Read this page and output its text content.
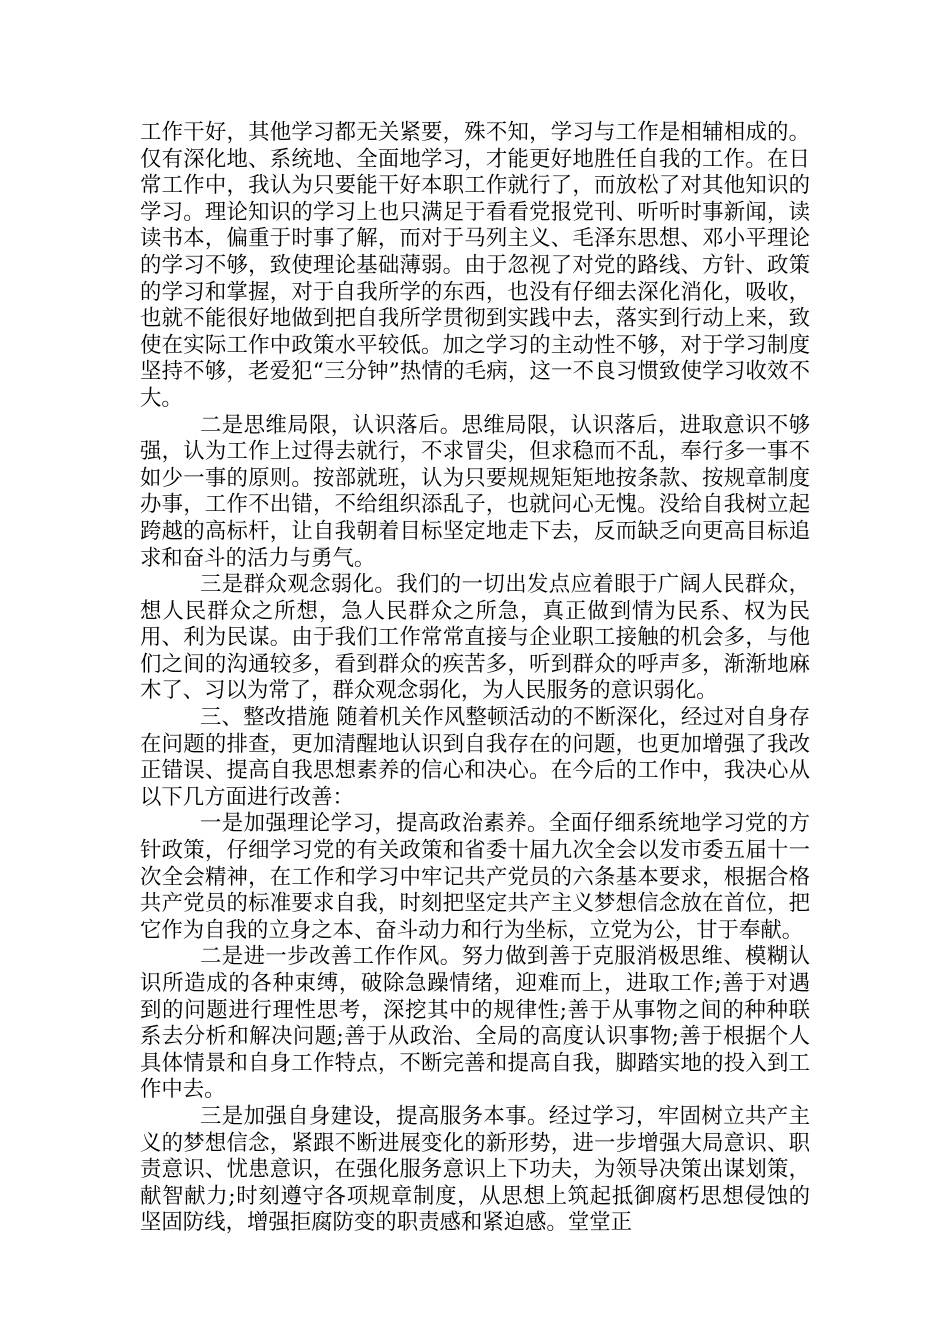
工作干好，其他学习都无关紧要，殊不知，学习与工作是相辅相成的。仅有深化地、系统地、全面地学习，才能更好地胜任自我的工作。在日常工作中，我认为只要能干好本职工作就行了，而放松了对其他知识的学习。理论知识的学习上也只满足于看看党报党刊、听听时事新闻，读读书本，偏重于时事了解，而对于马列主义、毛泽东思想、邓小平理论的学习不够，致使理论基础薄弱。由于忽视了对党的路线、方针、政策的学习和掌握，对于自我所学的东西，也没有仔细去深化消化，吸收，也就不能很好地做到把自我所学贯彻到实践中去，落实到行动上来，致使在实际工作中政策水平较低。加之学习的主动性不够，对于学习制度坚持不够，老爱犯“三分钟”热情的毛病，这一不良习惯致使学习收效不大。

二是思维局限，认识落后。思维局限，认识落后，进取意识不够强，认为工作上过得去就行，不求冒尖，但求稳而不乱，奉行多一事不如少一事的原则。按部就班，认为只要规规矩矩地按条款、按规章制度办事，工作不出错，不给组织添乱子，也就问心无愧。没给自我树立起跨越的高标杆，让自我朝着目标坚定地走下去，反而缺乏向更高目标追求和奋斗的活力与勇气。

三是群众观念弱化。我们的一切出发点应着眼于广阔人民群众，想人民群众之所想，急人民群众之所急，真正做到情为民系、权为民用、利为民谋。由于我们工作常常直接与企业职工接触的机会多，与他们之间的沟通较多，看到群众的疾苦多，听到群众的呼声多，渐渐地麻木了、习以为常了，群众观念弱化，为人民服务的意识弱化。

三、整改措施 随着机关作风整顿活动的不断深化，经过对自身存在问题的排查，更加清醒地认识到自我存在的问题，也更加增强了我改正错误、提高自我思想素养的信心和决心。在今后的工作中，我决心从以下几方面进行改善：

一是加强理论学习，提高政治素养。全面仔细系统地学习党的方针政策，仔细学习党的有关政策和省委十届九次全会以发市委五届十一次全会精神，在工作和学习中牢记共产党员的六条基本要求，根据合格共产党员的标准要求自我，时刻把坚定共产主义梦想信念放在首位，把它作为自我的立身之本、奋斗动力和行为坐标，立党为公，甘于奉献。

二是进一步改善工作作风。努力做到善于克服消极思维、模糊认识所造成的各种束缚，破除急躁情绪，迎难而上，进取工作;善于对遇到的问题进行理性思考，深挖其中的规律性;善于从事物之间的种种联系去分析和解决问题;善于从政治、全局的高度认识事物;善于根据个人具体情景和自身工作特点，不断完善和提高自我，脚踏实地的投入到工作中去。

三是加强自身建设，提高服务本事。经过学习，牢固树立共产主义的梦想信念，紧跟不断进展变化的新形势，进一步增强大局意识、职责意识、忧患意识，在强化服务意识上下功夫，为领导决策出谋划策，献智献力;时刻遵守各项规章制度，从思想上筑起抵御腐朽思想侵蚀的坚固防线，增强拒腐防变的职责感和紧迫感。堂堂正
